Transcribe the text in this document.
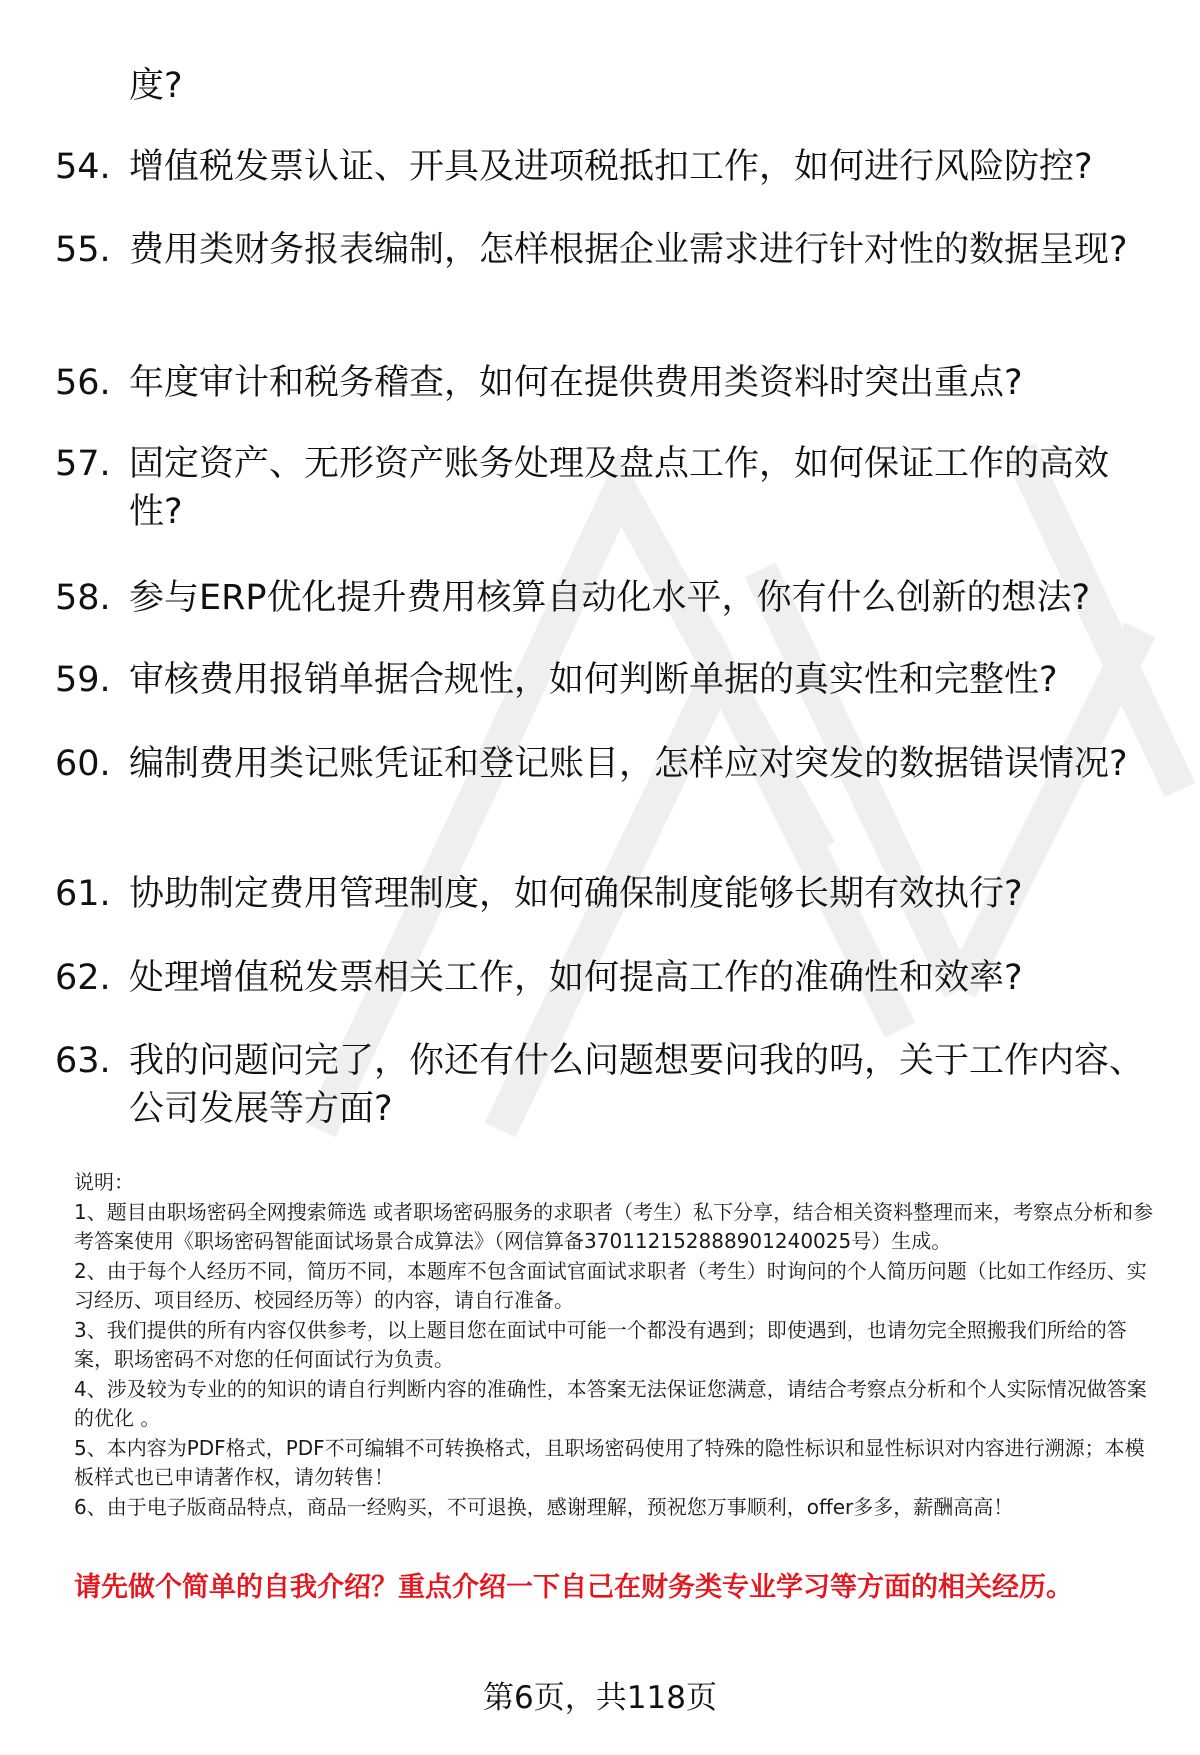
度?
54. 增值税发票认证、开具及进项税抵扣工作，如何进行风险防控?
55. 费用类财务报表编制，怎样根据企业需求进行针对性的数据呈现?
56. 年度审计和税务稽查，如何在提供费用类资料时突出重点?
57. 固定资产、无形资产账务处理及盘点工作，如何保证工作的高效性?
58. 参与ERP优化提升费用核算自动化水平，你有什么创新的想法?
59. 审核费用报销单据合规性，如何判断单据的真实性和完整性?
60. 编制费用类记账凭证和登记账目，怎样应对突发的数据错误情况?
61. 协助制定费用管理制度，如何确保制度能够长期有效执行?
62. 处理增值税发票相关工作，如何提高工作的准确性和效率?
63. 我的问题问完了，你还有什么问题想要问我的吗，关于工作内容、公司发展等方面?

说明：

1、题目由职场密码全网搜索筛选 或者职场密码服务的求职者（考生）私下分享，结合相关资料整理而来，考察点分析和参考答案使用《职场密码智能面试场景合成算法》（网信算备370112152888901240025号）生成。

2、由于每个人经历不同，简历不同，本题库不包含面试官面试求职者（考生）时询问的个人简历问题（比如工作经历、实习经历、项目经历、校园经历等）的内容，请自行准备。

3、我们提供的所有内容仅供参考，以上题目您在面试中可能一个都没有遇到；即使遇到，也请勿完全照搬我们所给的答案，职场密码不对您的任何面试行为负责。

4、涉及较为专业的的知识的请自行判断内容的准确性，本答案无法保证您满意，请结合考察点分析和个人实际情况做答案的优化 。

5、本内容为PDF格式，PDF不可编辑不可转换格式，且职场密码使用了特殊的隐性标识和显性标识对内容进行溯源；本模板样式也已申请著作权，请勿转售！

6、由于电子版商品特点，商品一经购买，不可退换，感谢理解，预祝您万事顺利，offer多多，薪酬高高！

请先做个简单的自我介绍？重点介绍一下自己在财务类专业学习等方面的相关经历。
第6页，共118页
